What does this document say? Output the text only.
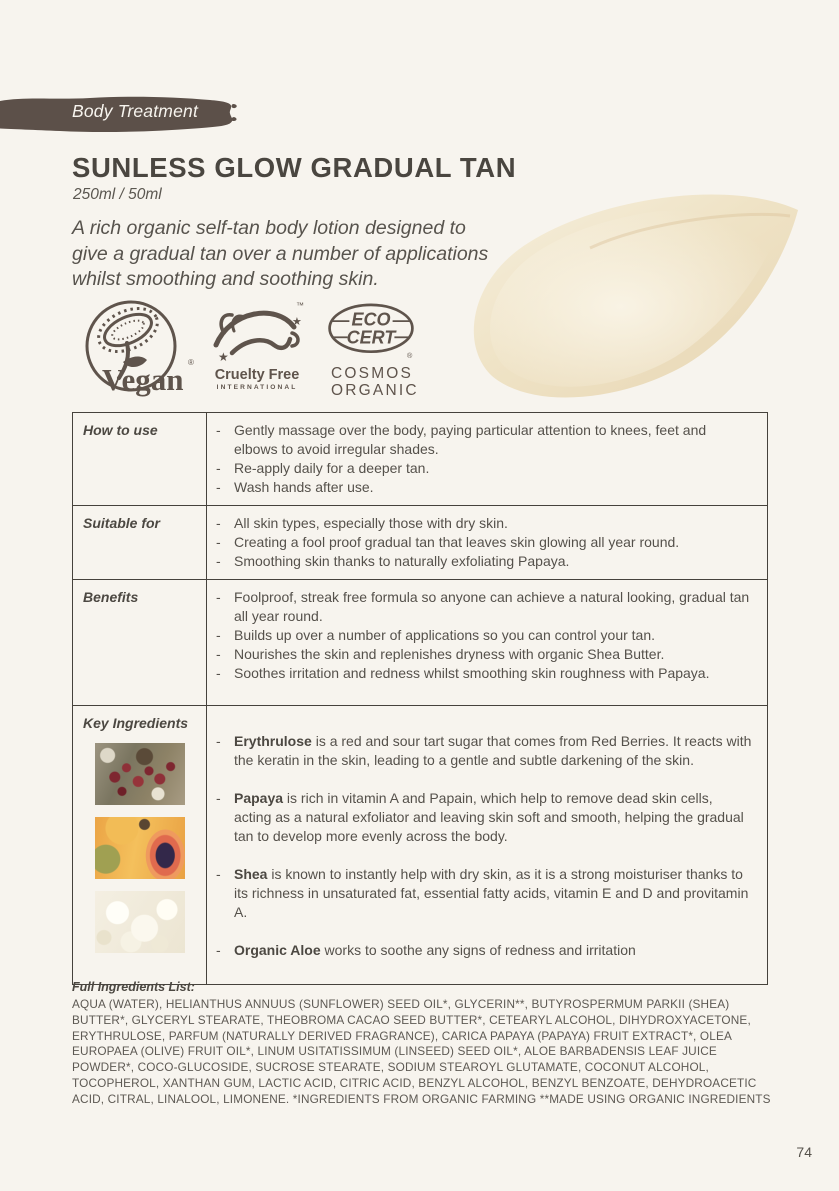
Body Treatment
SUNLESS GLOW GRADUAL TAN
250ml / 50ml

A rich organic self-tan body lotion designed to give a gradual tan over a number of applications whilst smoothing and soothing skin.

Vegan ® ★
★
™
Cruelty Free
INTERNATIONAL
ECO
CERT
®
COSMOS
ORGANIC
How to use	- Gently massage over the body, paying particular attention to knees, feet and elbows to avoid irregular shades.
- Re-apply daily for a deeper tan.
- Wash hands after use.
Suitable for	- All skin types, especially those with dry skin.
- Creating a fool proof gradual tan that leaves skin glowing all year round.
- Smoothing skin thanks to naturally exfoliating Papaya.
Benefits	- Foolproof, streak free formula so anyone can achieve a natural looking, gradual tan all year round.
- Builds up over a number of applications so you can control your tan.
- Nourishes the skin and replenishes dryness with organic Shea Butter.
- Soothes irritation and redness whilst smoothing skin roughness with Papaya.
Key Ingredients
- Erythrulose is a red and sour tart sugar that comes from Red Berries. It reacts with the keratin in the skin, leading to a gentle and subtle darkening of the skin.
- Papaya is rich in vitamin A and Papain, which help to remove dead skin cells, acting as a natural exfoliator and leaving skin soft and smooth, helping the gradual tan to develop more evenly across the body.
- Shea is known to instantly help with dry skin, as it is a strong moisturiser thanks to its richness in unsaturated fat, essential fatty acids, vitamin E and D and provitamin A.
- Organic Aloe works to soothe any signs of redness and irritation
Full Ingredients List:
AQUA (WATER), HELIANTHUS ANNUUS (SUNFLOWER) SEED OIL*, GLYCERIN**, BUTYROSPERMUM PARKII (SHEA) BUTTER*, GLYCERYL STEARATE, THEOBROMA CACAO SEED BUTTER*, CETEARYL ALCOHOL, DIHYDROXYACETONE, ERYTHRULOSE, PARFUM (NATURALLY DERIVED FRAGRANCE), CARICA PAPAYA (PAPAYA) FRUIT EXTRACT*, OLEA EUROPAEA (OLIVE) FRUIT OIL*, LINUM USITATISSIMUM (LINSEED) SEED OIL*, ALOE BARBADENSIS LEAF JUICE POWDER*, COCO-GLUCOSIDE, SUCROSE STEARATE, SODIUM STEAROYL GLUTAMATE, COCONUT ALCOHOL, TOCOPHEROL, XANTHAN GUM, LACTIC ACID, CITRIC ACID, BENZYL ALCOHOL, BENZYL BENZOATE, DEHYDROACETIC ACID, CITRAL, LINALOOL, LIMONENE. *INGREDIENTS FROM ORGANIC FARMING **MADE USING ORGANIC INGREDIENTS
74
